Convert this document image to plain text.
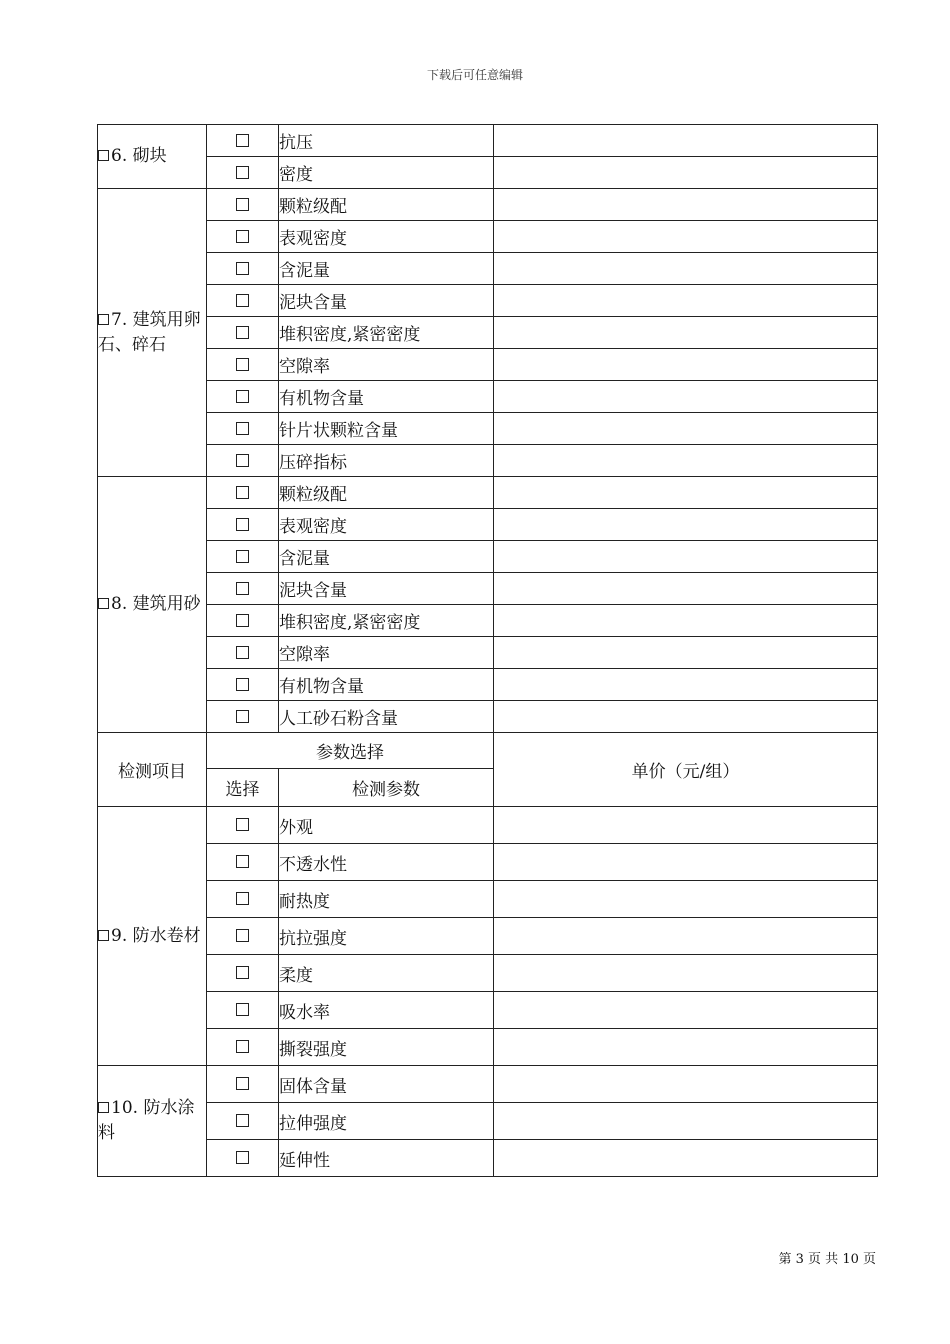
下载后可任意编辑
6. 砌块		抗压	
		密度	
7. 建筑用卵石、碎石		颗粒级配	
		表观密度	
		含泥量	
		泥块含量	
		堆积密度,紧密密度	
		空隙率	
		有机物含量	
		针片状颗粒含量	
		压碎指标	
8. 建筑用砂		颗粒级配	
		表观密度	
		含泥量	
		泥块含量	
		堆积密度,紧密密度	
		空隙率	
		有机物含量	
		人工砂石粉含量	
检测项目	参数选择		单价（元/组）
	选择	检测参数	
9. 防水卷材		外观	
		不透水性	
		耐热度	
		抗拉强度	
		柔度	
		吸水率	
		撕裂强度	
10. 防水涂料		固体含量	
		拉伸强度	
		延伸性	
第 3 页 共 10 页
